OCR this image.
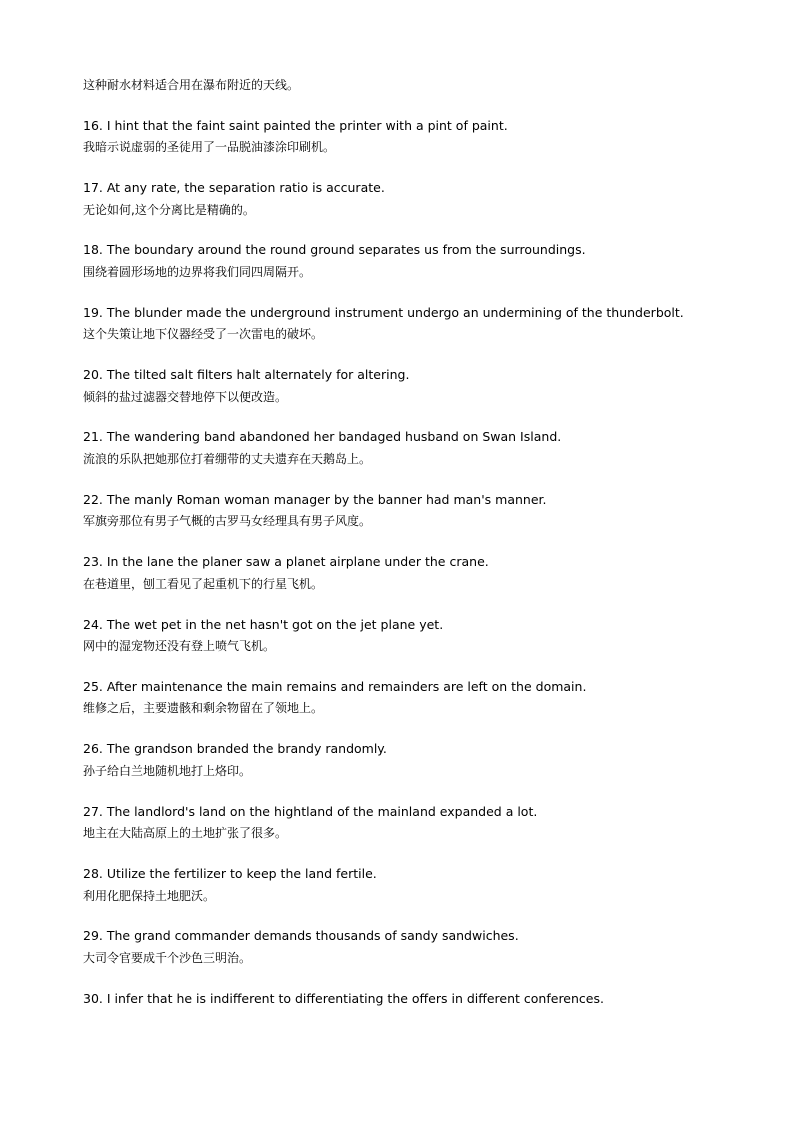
这种耐水材料适合用在瀑布附近的天线。
16. I hint that the faint saint painted the printer with a pint of paint.
我暗示说虚弱的圣徒用了一品脱油漆涂印刷机。
17. At any rate, the separation ratio is accurate.
无论如何,这个分离比是精确的。
18. The boundary around the round ground separates us from the surroundings.
围绕着圆形场地的边界将我们同四周隔开。
19. The blunder made the underground instrument undergo an undermining of the thunderbolt.
这个失策让地下仪器经受了一次雷电的破坏。
20. The tilted salt filters halt alternately for altering.
倾斜的盐过滤器交替地停下以便改造。
21. The wandering band abandoned her bandaged husband on Swan Island.
流浪的乐队把她那位打着绷带的丈夫遗弃在天鹅岛上。
22. The manly Roman woman manager by the banner had man's manner.
军旗旁那位有男子气概的古罗马女经理具有男子风度。
23. In the lane the planer saw a planet airplane under the crane.
在巷道里，刨工看见了起重机下的行星飞机。
24. The wet pet in the net hasn't got on the jet plane yet.
网中的湿宠物还没有登上喷气飞机。
25. After maintenance the main remains and remainders are left on the domain.
维修之后，主要遗骸和剩余物留在了领地上。
26. The grandson branded the brandy randomly.
孙子给白兰地随机地打上烙印。
27. The landlord's land on the hightland of the mainland expanded a lot.
地主在大陆高原上的土地扩张了很多。
28. Utilize the fertilizer to keep the land fertile.
利用化肥保持土地肥沃。
29. The grand commander demands thousands of sandy sandwiches.
大司令官要成千个沙色三明治。
30. I infer that he is indifferent to differentiating the offers in different conferences.
